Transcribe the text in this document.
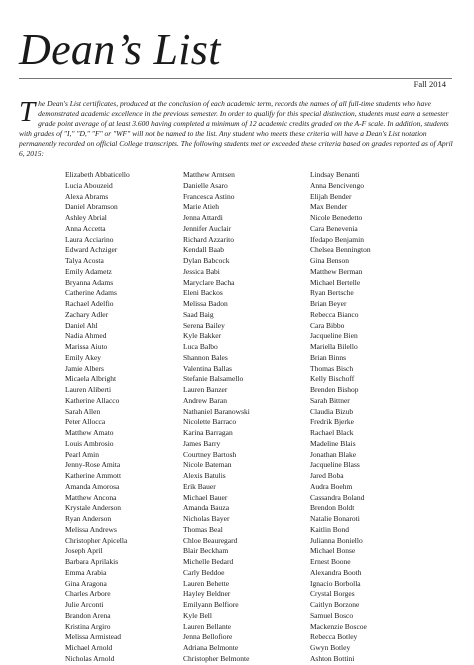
Dean’s List
Fall 2014
T he Dean's List certificates, produced at the conclusion of each academic term, records the names of all full-time students who have demonstrated academic excellence in the previous semester. In order to qualify for this special distinction, students must earn a semester grade point average of at least 3.600 having completed a minimum of 12 academic credits graded on the A-F scale. In addition, students with grades of "I," "D," "F" or "WF" will not be named to the list. Any student who meets these criteria will have a Dean's List notation permanently recorded on official College transcripts. The following students met or exceeded these criteria based on grades reported as of April 6, 2015:
Elizabeth Abbaticello
Lucia Abouzeid
Alexa Abrams
Daniel Abramson
Ashley Abrial
Anna Accetta
Laura Acciarino
Edward Achziger
Talya Acosta
Emily Adametz
Bryanna Adams
Catherine Adams
Rachael Adelfio
Zachary Adler
Daniel Ahl
Nadia Ahmed
Marissa Aiuto
Emily Akey
Jamie Albers
Micaela Albright
Lauren Aliberti
Katherine Allacco
Sarah Allen
Peter Allocca
Matthew Amato
Louis Ambrosio
Pearl Amin
Jenny-Rose Amita
Katherine Ammott
Amanda Amorosa
Matthew Ancona
Krystale Anderson
Ryan Anderson
Melissa Andrews
Christopher Apicella
Joseph April
Barbara Aprilakis
Emma Arabia
Gina Aragona
Charles Arbore
Julie Arconti
Brandon Arena
Kristina Argiro
Melissa Armistead
Michael Arnold
Nicholas Arnold
Matthew Arntsen
Danielle Asaro
Francesca Astino
Marie Atieh
Jenna Attardi
Jennifer Auclair
Richard Azzarito
Kendall Baab
Dylan Babcock
Jessica Babi
Maryclare Bacha
Eleni Backos
Melissa Badon
Saad Baig
Serena Bailey
Kyle Bakker
Luca Balbo
Shannon Bales
Valentina Ballas
Stefanie Balsamello
Lauren Banzer
Andrew Baran
Nathaniel Baranowski
Nicolette Barraco
Karina Barragan
James Barry
Courtney Bartosh
Nicole Bateman
Alexis Batulis
Erik Bauer
Michael Bauer
Amanda Bauza
Nicholas Bayer
Thomas Beal
Chloe Beauregard
Blair Beckham
Michelle Bedard
Carly Beddoe
Lauren Behette
Hayley Beldner
Emilyann Belfiore
Kyle Bell
Lauren Bellante
Jenna Bellofiore
Adriana Belmonte
Christopher Belmonte
Lindsay Benanti
Anna Bencivengo
Elijah Bender
Max Bender
Nicole Benedetto
Cara Benevenia
Ifedapo Benjamin
Chelsea Bennington
Gina Benson
Matthew Berman
Michael Bertelle
Ryan Bertsche
Brian Beyer
Rebecca Bianco
Cara Bibbo
Jacqueline Bien
Mariella Bilello
Brian Binns
Thomas Bisch
Kelly Bischoff
Brenden Bishop
Sarah Bittner
Claudia Bizub
Fredrik Bjerke
Rachael Black
Madeline Blais
Jonathan Blake
Jacqueline Blass
Jared Boba
Audra Boehm
Cassandra Boland
Brendon Boldt
Natalie Bonaroti
Kaitlin Bond
Julianna Boniello
Michael Bonse
Ernest Boone
Alexandra Booth
Ignacio Borbolla
Crystal Borges
Caitlyn Borzone
Samuel Bosco
Mackenzie Boscoe
Rebecca Botley
Gwyn Botley
Ashton Bottini
